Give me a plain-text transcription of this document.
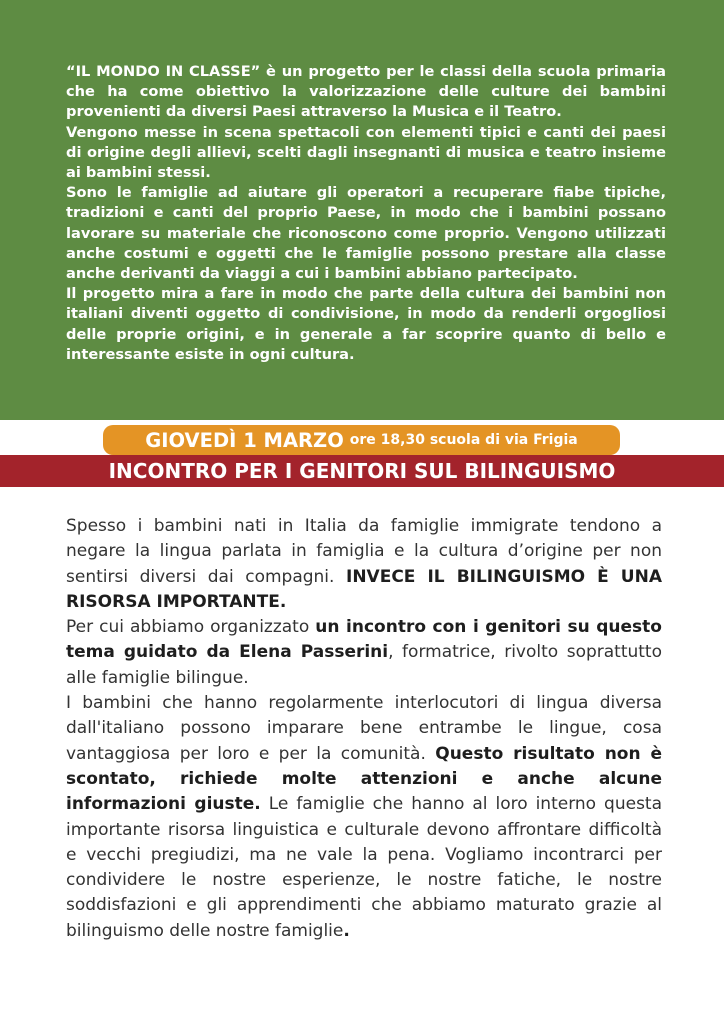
“IL MONDO IN CLASSE” è un progetto per le classi della scuola primaria che ha come obiettivo la valorizzazione delle culture dei bambini provenienti da diversi Paesi attraverso la Musica e il Teatro.

Vengono messe in scena spettacoli con elementi tipici e canti dei paesi di origine degli allievi, scelti dagli insegnanti di musica e teatro insieme ai bambini stessi.

Sono le famiglie ad aiutare gli operatori a recuperare fiabe tipiche, tradizioni e canti del proprio Paese, in modo che i bambini possano lavorare su materiale che riconoscono come proprio. Vengono utilizzati anche costumi e oggetti che le famiglie possono prestare alla classe anche derivanti da viaggi a cui i bambini abbiano partecipato.

Il progetto mira a fare in modo che parte della cultura dei bambini non italiani diventi oggetto di condivisione, in modo da renderli orgogliosi delle proprie origini, e in generale a far scoprire quanto di bello e interessante esiste in ogni cultura.

GIOVEDÌ 1 MARZO ore 18,30 scuola di via Frigia
INCONTRO PER I GENITORI SUL BILINGUISMO

Spesso i bambini nati in Italia da famiglie immigrate tendono a negare la lingua parlata in famiglia e la cultura d’origine per non sentirsi diversi dai compagni. INVECE IL BILINGUISMO È UNA RISORSA IMPORTANTE.

Per cui abbiamo organizzato un incontro con i genitori su questo tema guidato da Elena Passerini, formatrice, rivolto soprattutto alle famiglie bilingue.

I bambini che hanno regolarmente interlocutori di lingua diversa dall'italiano possono imparare bene entrambe le lingue, cosa vantaggiosa per loro e per la comunità. Questo risultato non è scontato, richiede molte attenzioni e anche alcune informazioni giuste. Le famiglie che hanno al loro interno questa importante risorsa linguistica e culturale devono affrontare difficoltà e vecchi pregiudizi, ma ne vale la pena. Vogliamo incontrarci per condividere le nostre esperienze, le nostre fatiche, le nostre soddisfazioni e gli apprendimenti che abbiamo maturato grazie al bilinguismo delle nostre famiglie.
